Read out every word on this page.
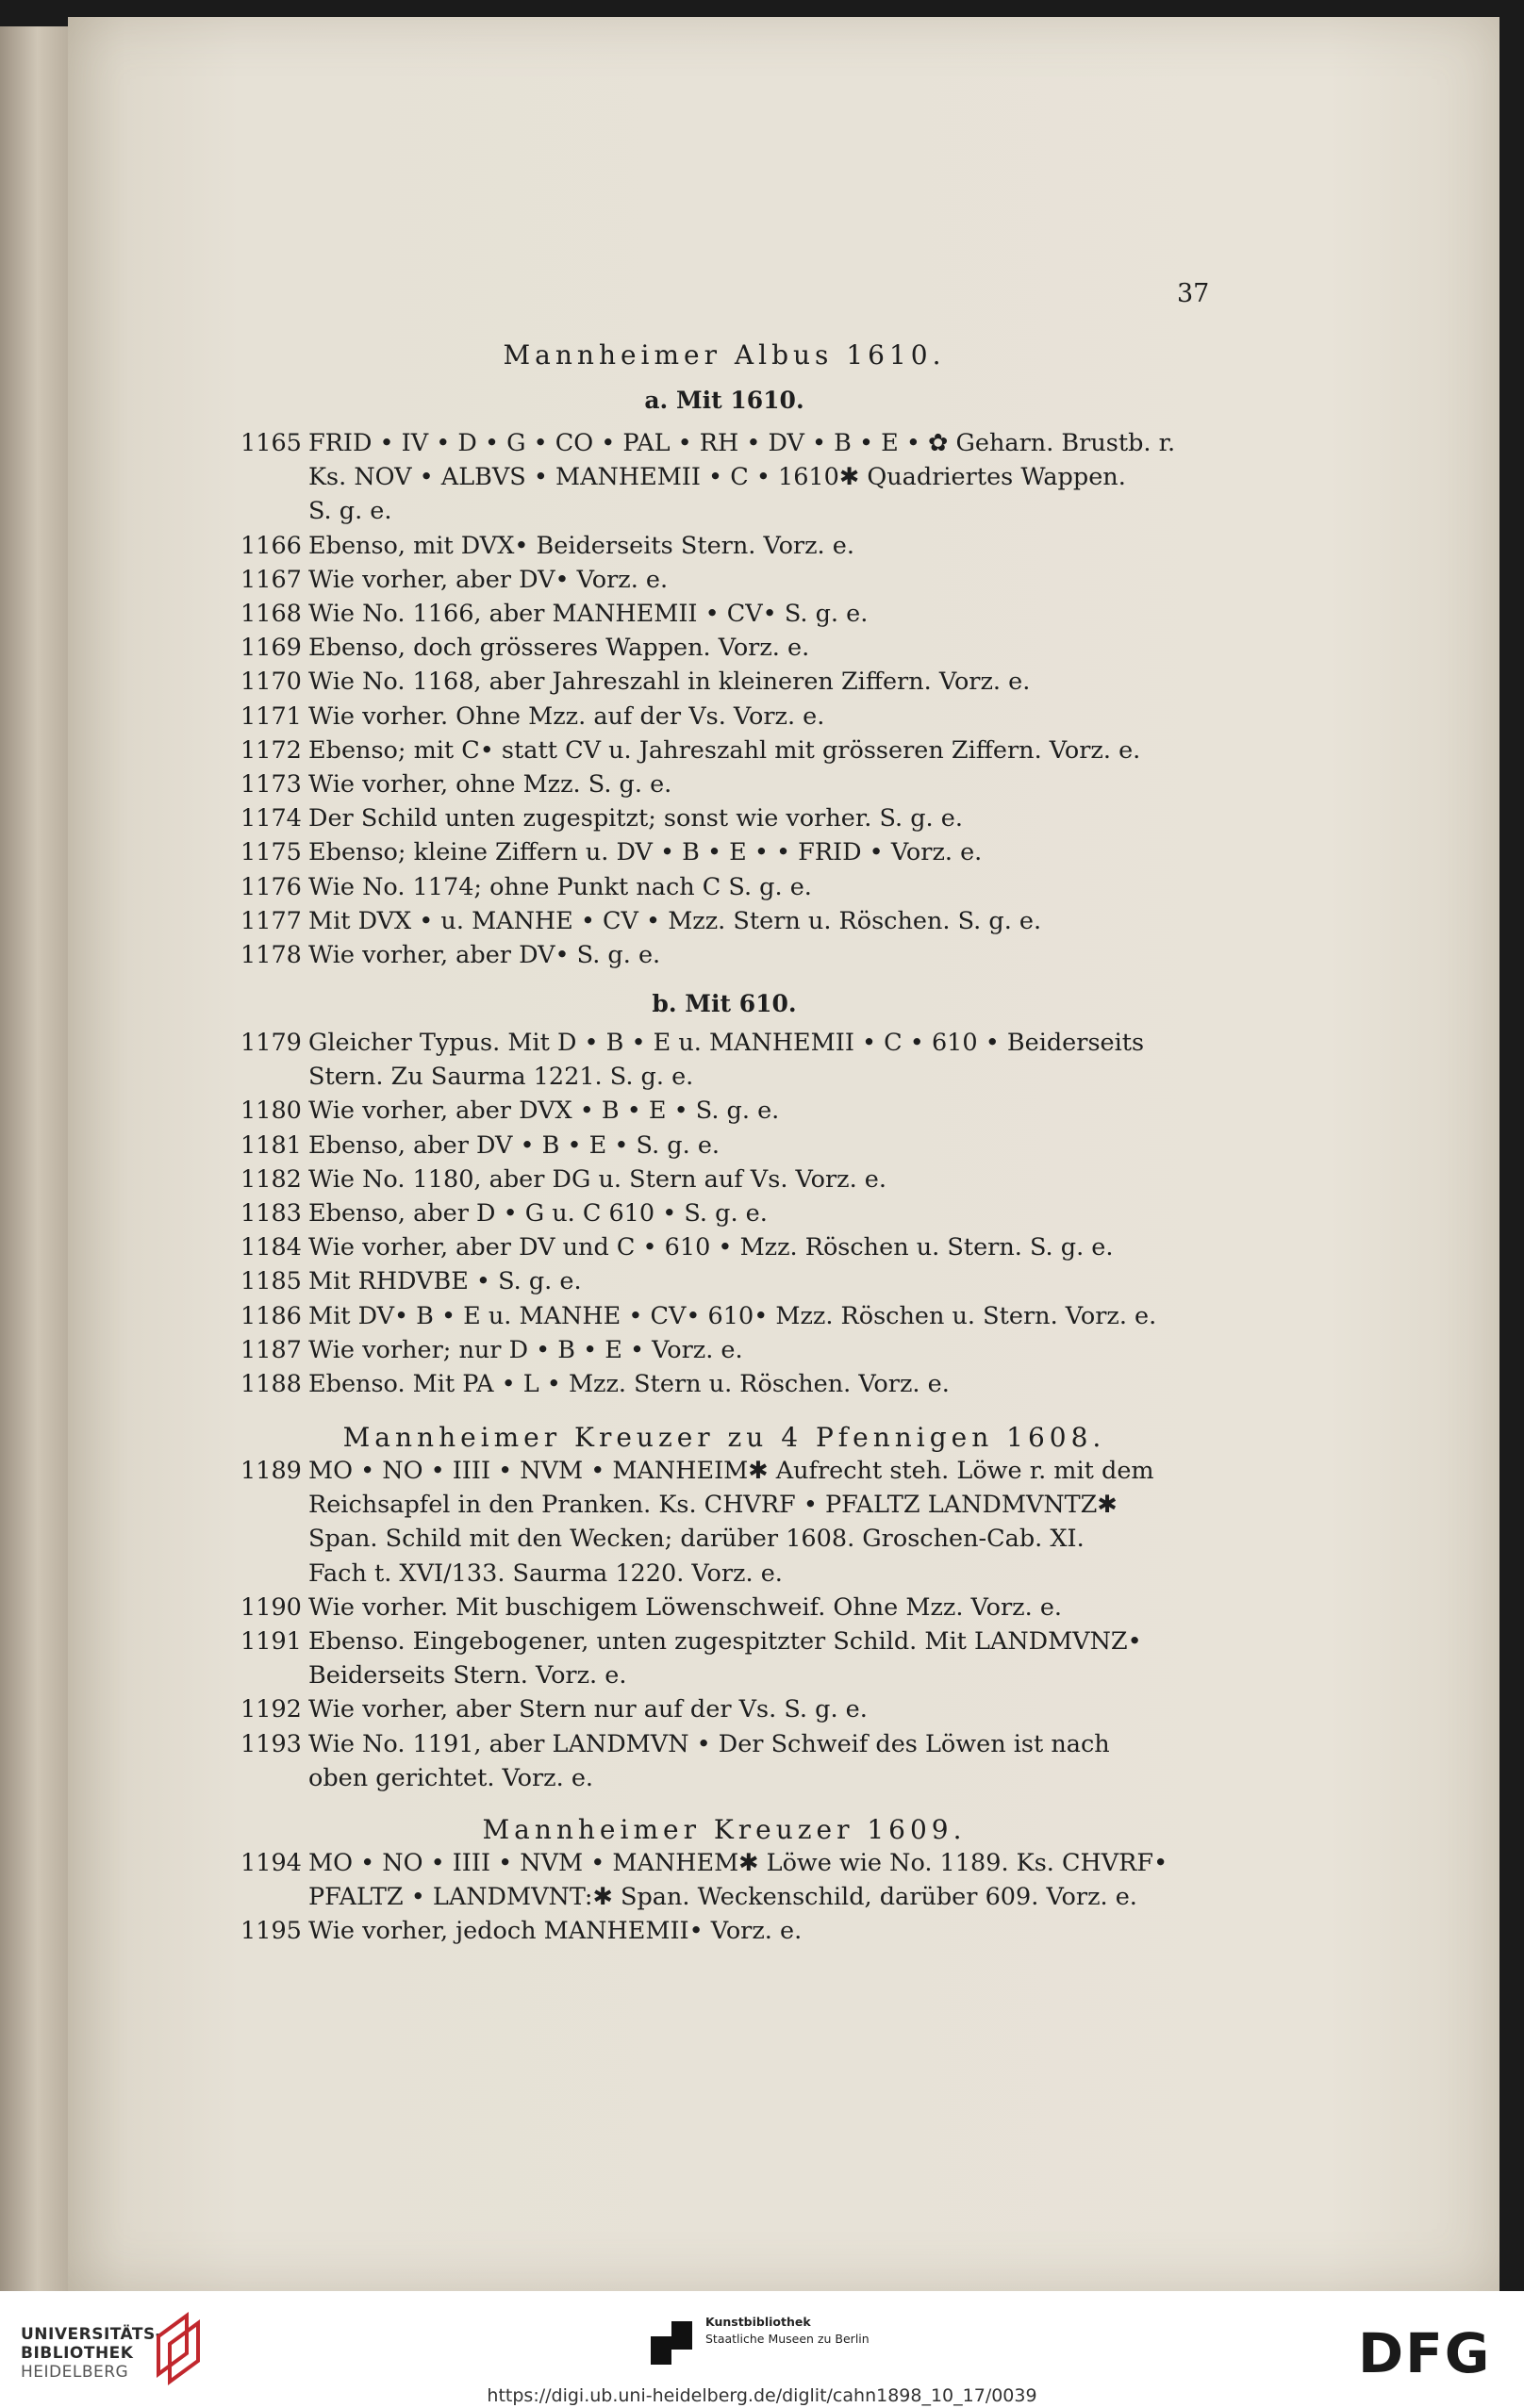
37
Mannheimer Albus 1610.
a. Mit 1610.
1165 FRID • IV • D • G • CO • PAL • RH • DV • B • E • ✿ Geharn. Brustb. r.
Ks. NOV • ALBVS • MANHEMII • C • 1610✱ Quadriertes Wappen.
S. g. e.
1166 Ebenso, mit DVX• Beiderseits Stern. Vorz. e.
1167 Wie vorher, aber DV• Vorz. e.
1168 Wie No. 1166, aber MANHEMII • CV• S. g. e.
1169 Ebenso, doch grösseres Wappen. Vorz. e.
1170 Wie No. 1168, aber Jahreszahl in kleineren Ziffern. Vorz. e.
1171 Wie vorher. Ohne Mzz. auf der Vs. Vorz. e.
1172 Ebenso; mit C• statt CV u. Jahreszahl mit grösseren Ziffern. Vorz. e.
1173 Wie vorher, ohne Mzz. S. g. e.
1174 Der Schild unten zugespitzt; sonst wie vorher. S. g. e.
1175 Ebenso; kleine Ziffern u. DV • B • E • • FRID • Vorz. e.
1176 Wie No. 1174; ohne Punkt nach C S. g. e.
1177 Mit DVX • u. MANHE • CV • Mzz. Stern u. Röschen. S. g. e.
1178 Wie vorher, aber DV• S. g. e.
1179 Gleicher Typus. Mit D • B • E u. MANHEMII • C • 610 • Beiderseits
Stern. Zu Saurma 1221. S. g. e.
1180 Wie vorher, aber DVX • B • E • S. g. e.
1181 Ebenso, aber DV • B • E • S. g. e.
1182 Wie No. 1180, aber DG u. Stern auf Vs. Vorz. e.
1183 Ebenso, aber D • G u. C 610 • S. g. e.
1184 Wie vorher, aber DV und C • 610 • Mzz. Röschen u. Stern. S. g. e.
1185 Mit RHDVBE • S. g. e.
1186 Mit DV• B • E u. MANHE • CV• 610• Mzz. Röschen u. Stern. Vorz. e.
1187 Wie vorher; nur D • B • E • Vorz. e.
1188 Ebenso. Mit PA • L • Mzz. Stern u. Röschen. Vorz. e.
1189 MO • NO • IIII • NVM • MANHEIM✱ Aufrecht steh. Löwe r. mit dem
Reichsapfel in den Pranken. Ks. CHVRF • PFALTZ LANDMVNTZ✱
Span. Schild mit den Wecken; darüber 1608. Groschen-Cab. XI.
Fach t. XVI/133. Saurma 1220. Vorz. e.
1190 Wie vorher. Mit buschigem Löwenschweif. Ohne Mzz. Vorz. e.
1191 Ebenso. Eingebogener, unten zugespitzter Schild. Mit LANDMVNZ•
Beiderseits Stern. Vorz. e.
1192 Wie vorher, aber Stern nur auf der Vs. S. g. e.
1193 Wie No. 1191, aber LANDMVN • Der Schweif des Löwen ist nach
oben gerichtet. Vorz. e.
1194 MO • NO • IIII • NVM • MANHEM✱ Löwe wie No. 1189. Ks. CHVRF•
PFALTZ • LANDMVNT:✱ Span. Weckenschild, darüber 609. Vorz. e.
1195 Wie vorher, jedoch MANHEMII• Vorz. e.
b. Mit 610.
Mannheimer Kreuzer zu 4 Pfennigen 1608.
Mannheimer Kreuzer 1609.
UNIVERSITÄTS-
BIBLIOTHEK
HEIDELBERG
Kunstbibliothek
Staatliche Museen zu Berlin	DFG
https://digi.ub.uni-heidelberg.de/diglit/cahn1898_10_17/0039
